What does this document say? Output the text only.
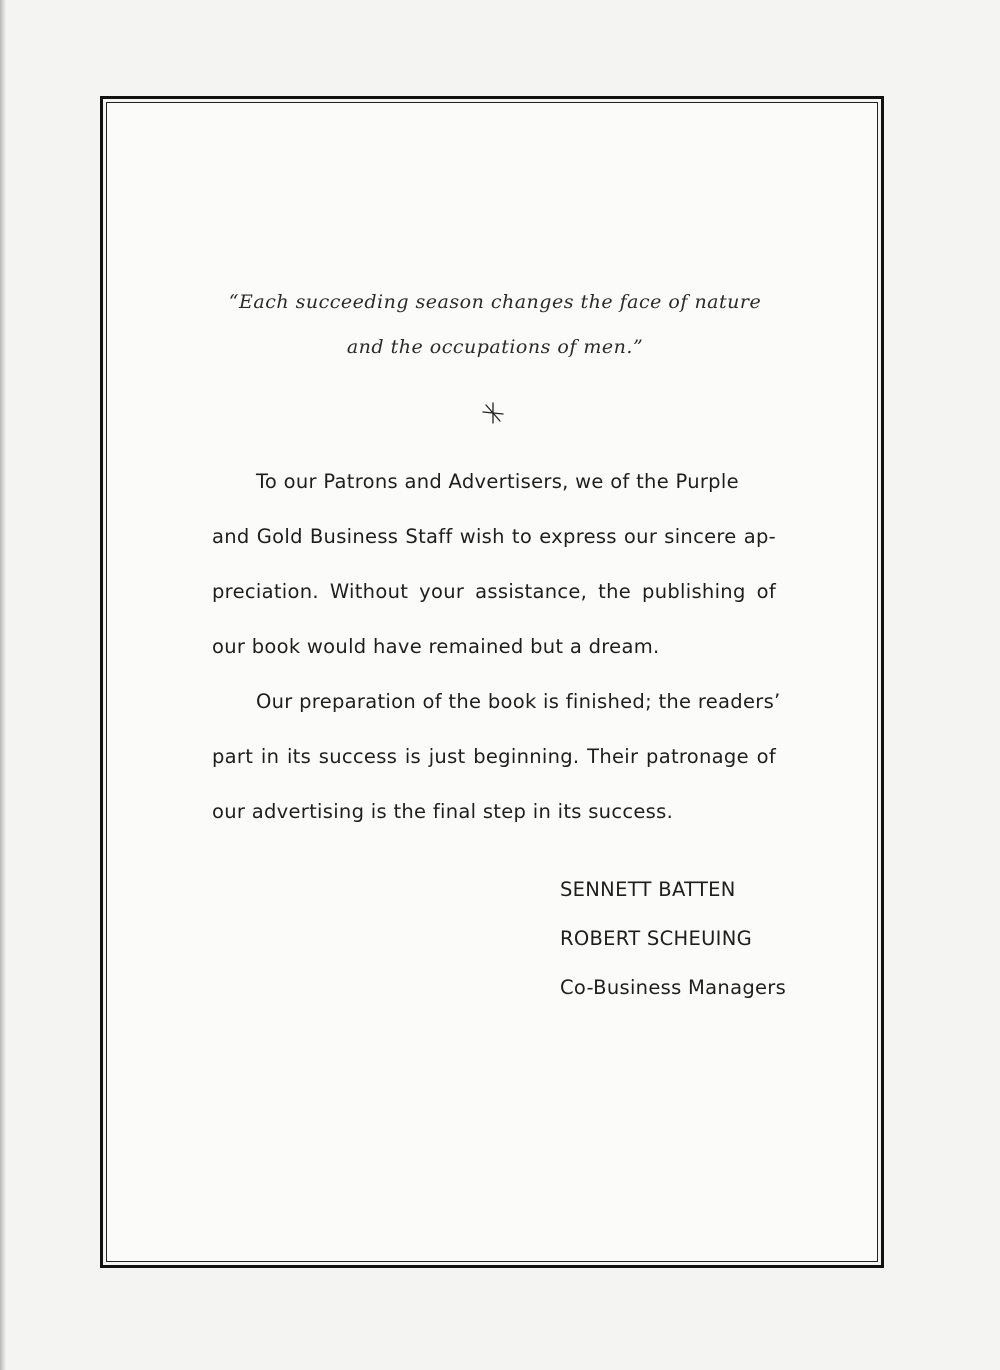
“Each succeeding season changes the face of nature
and the occupations of men.”
To our Patrons and Advertisers, we of the Purple
and Gold Business Staff wish to express our sincere ap-
preciation. Without your assistance, the publishing of
our book would have remained but a dream.
Our preparation of the book is finished; the readers’
part in its success is just beginning. Their patronage of
our advertising is the final step in its success.
SENNETT BATTEN
ROBERT SCHEUING
Co-Business Managers
